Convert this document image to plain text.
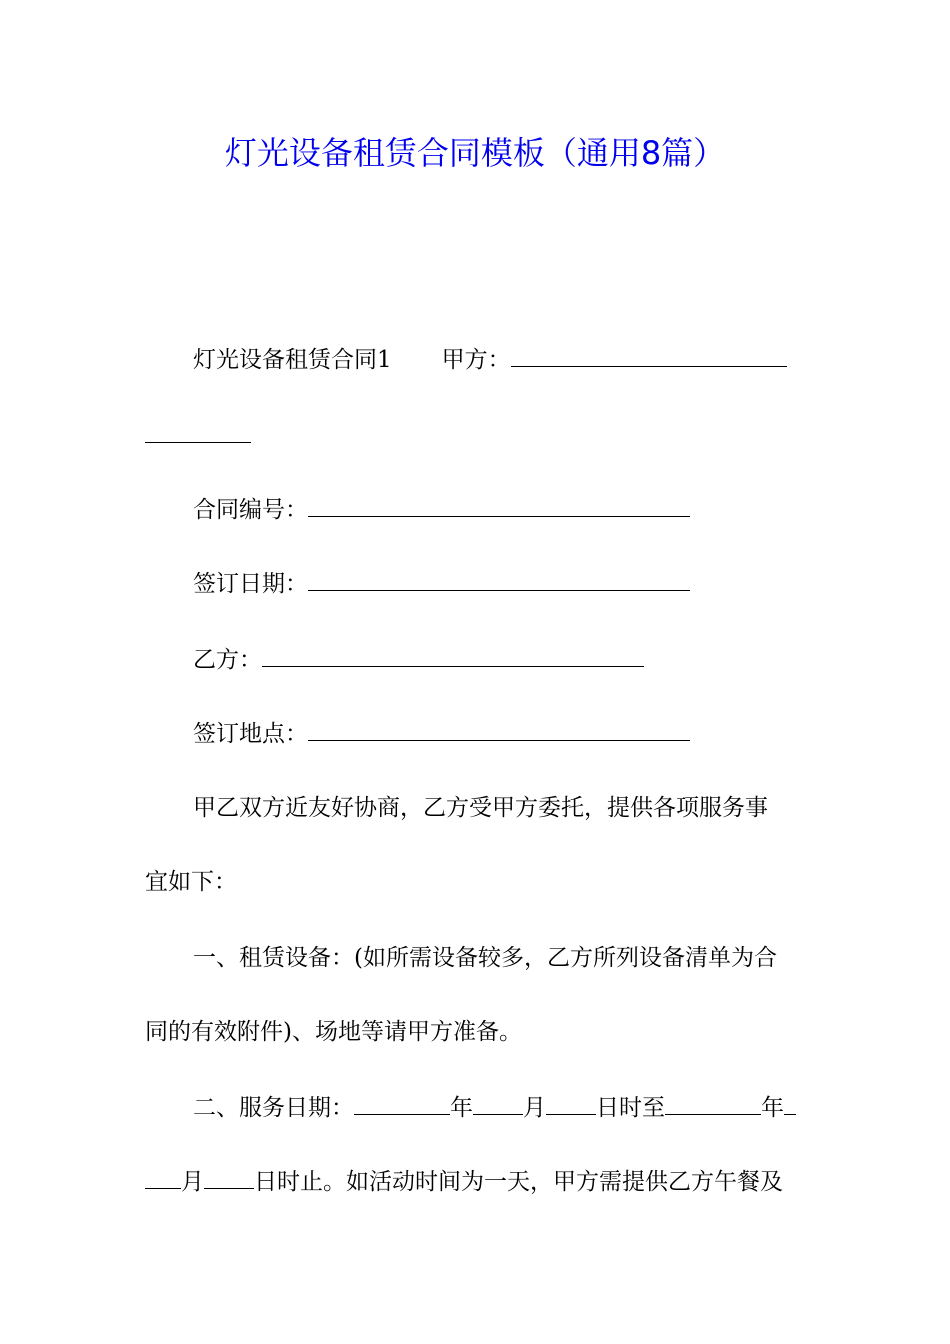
灯光设备租赁合同模板（通用8篇）
灯光设备租赁合同1 甲方：
合同编号：
签订日期：
乙方：
签订地点：
甲乙双方近友好协商，乙方受甲方委托，提供各项服务事
宜如下：
一、租赁设备：(如所需设备较多，乙方所列设备清单为合
同的有效附件)、场地等请甲方准备。
二、服务日期：	年 月 日时至	年
月 日时止。如活动时间为一天，甲方需提供乙方午餐及
